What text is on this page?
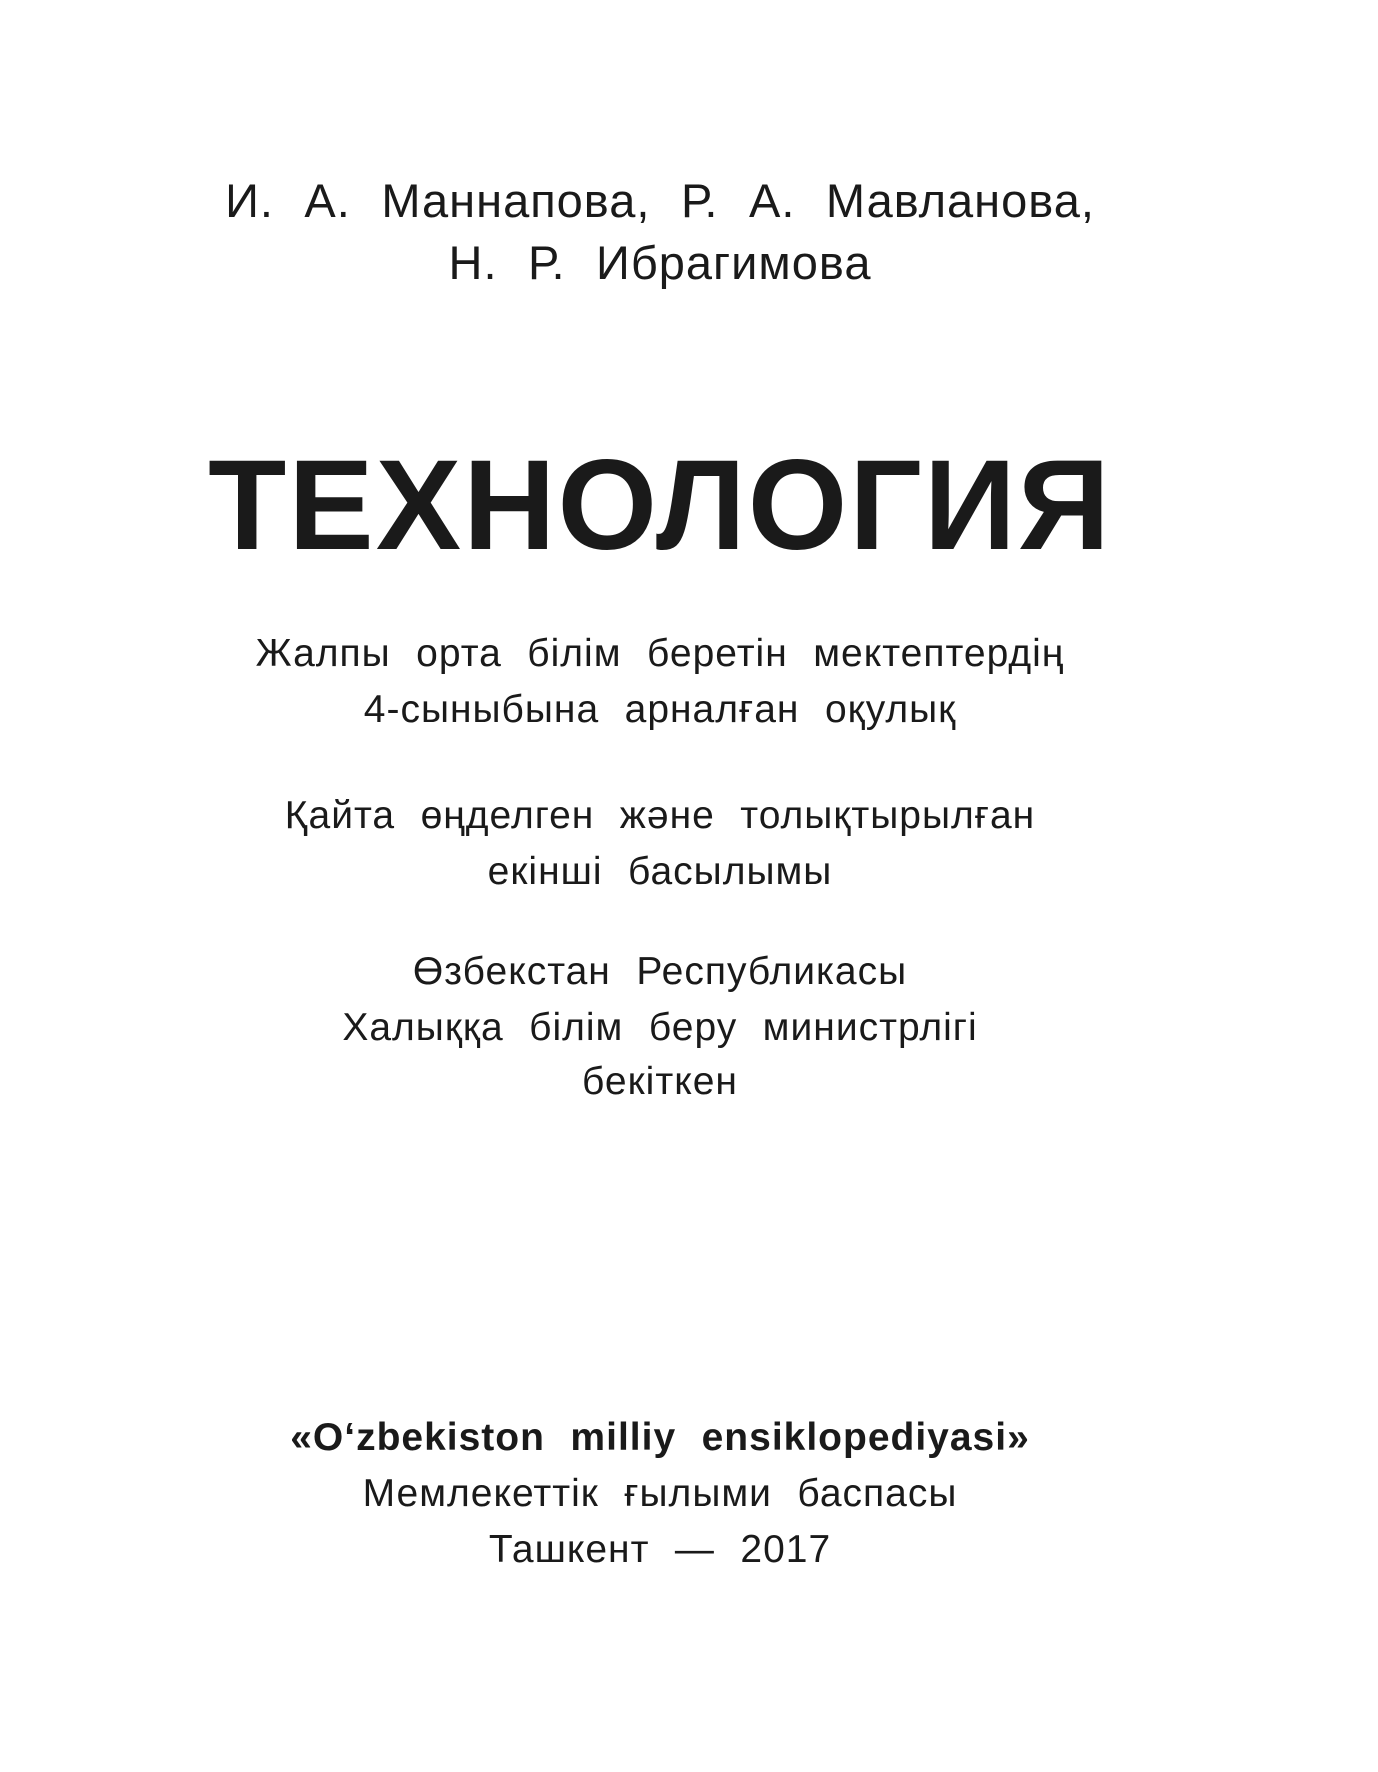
И. А. Маннапова, Р. А. Мавланова,
Н. Р. Ибрагимова
ТЕХНОЛОГИЯ
Жалпы орта білім беретін мектептердің
4-сыныбына арналған оқулық
Қайта өңделген және толықтырылған
екінші басылымы
Өзбекстан Республикасы
Халыққа білім беру министрлігі
бекіткен
«O‘zbekiston milliy ensiklopediyasi»
Мемлекеттік ғылыми баспасы
Ташкент — 2017
